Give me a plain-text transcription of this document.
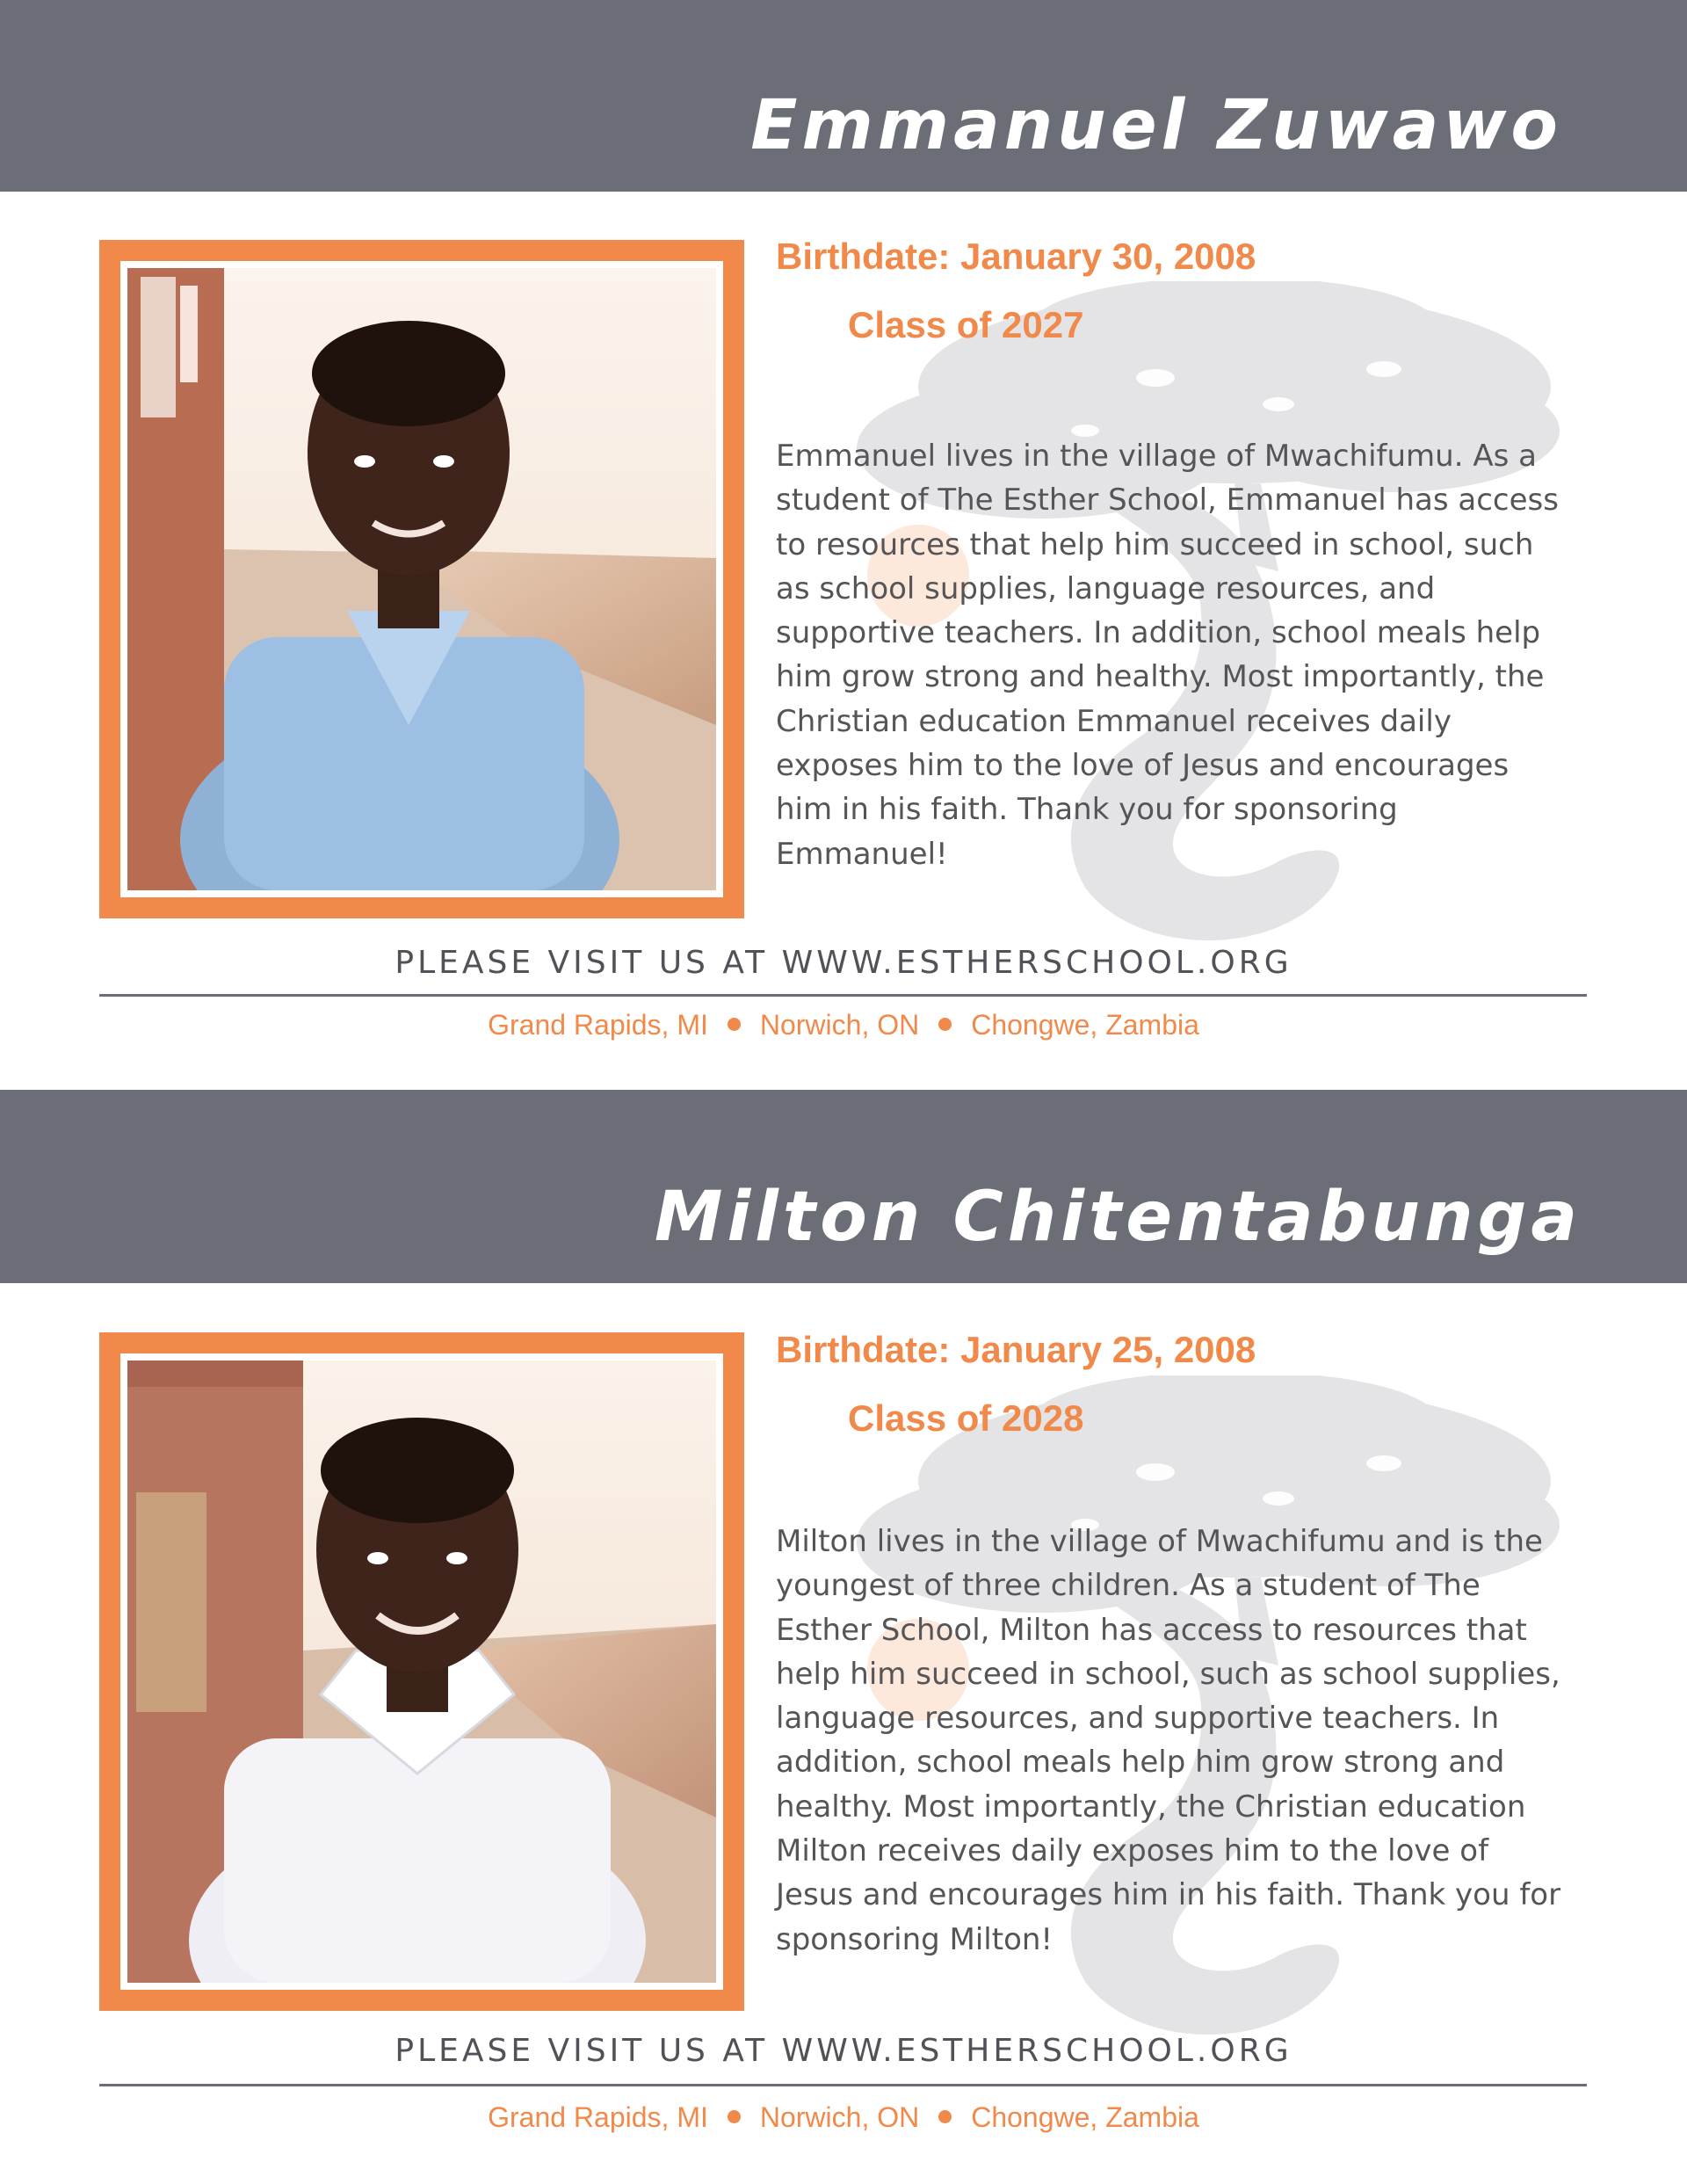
Emmanuel Zuwawo
Birthdate: January 30, 2008
Class of 2027
Emmanuel lives in the village of Mwachifumu. As a student of The Esther School, Emmanuel has access to resources that help him succeed in school, such as school supplies, language resources, and supportive teachers. In addition, school meals help him grow strong and healthy. Most importantly, the Christian education Emmanuel receives daily exposes him to the love of Jesus and encourages him in his faith. Thank you for sponsoring Emmanuel!
PLEASE VISIT US AT WWW.ESTHERSCHOOL.ORG
Grand Rapids, MI Norwich, ON Chongwe, Zambia
Milton Chitentabunga
Birthdate: January 25, 2008
Class of 2028
Milton lives in the village of Mwachifumu and is the youngest of three children. As a student of The Esther School, Milton has access to resources that help him succeed in school, such as school supplies, language resources, and supportive teachers. In addition, school meals help him grow strong and healthy. Most importantly, the Christian education Milton receives daily exposes him to the love of Jesus and encourages him in his faith. Thank you for sponsoring Milton!
PLEASE VISIT US AT WWW.ESTHERSCHOOL.ORG
Grand Rapids, MI Norwich, ON Chongwe, Zambia
